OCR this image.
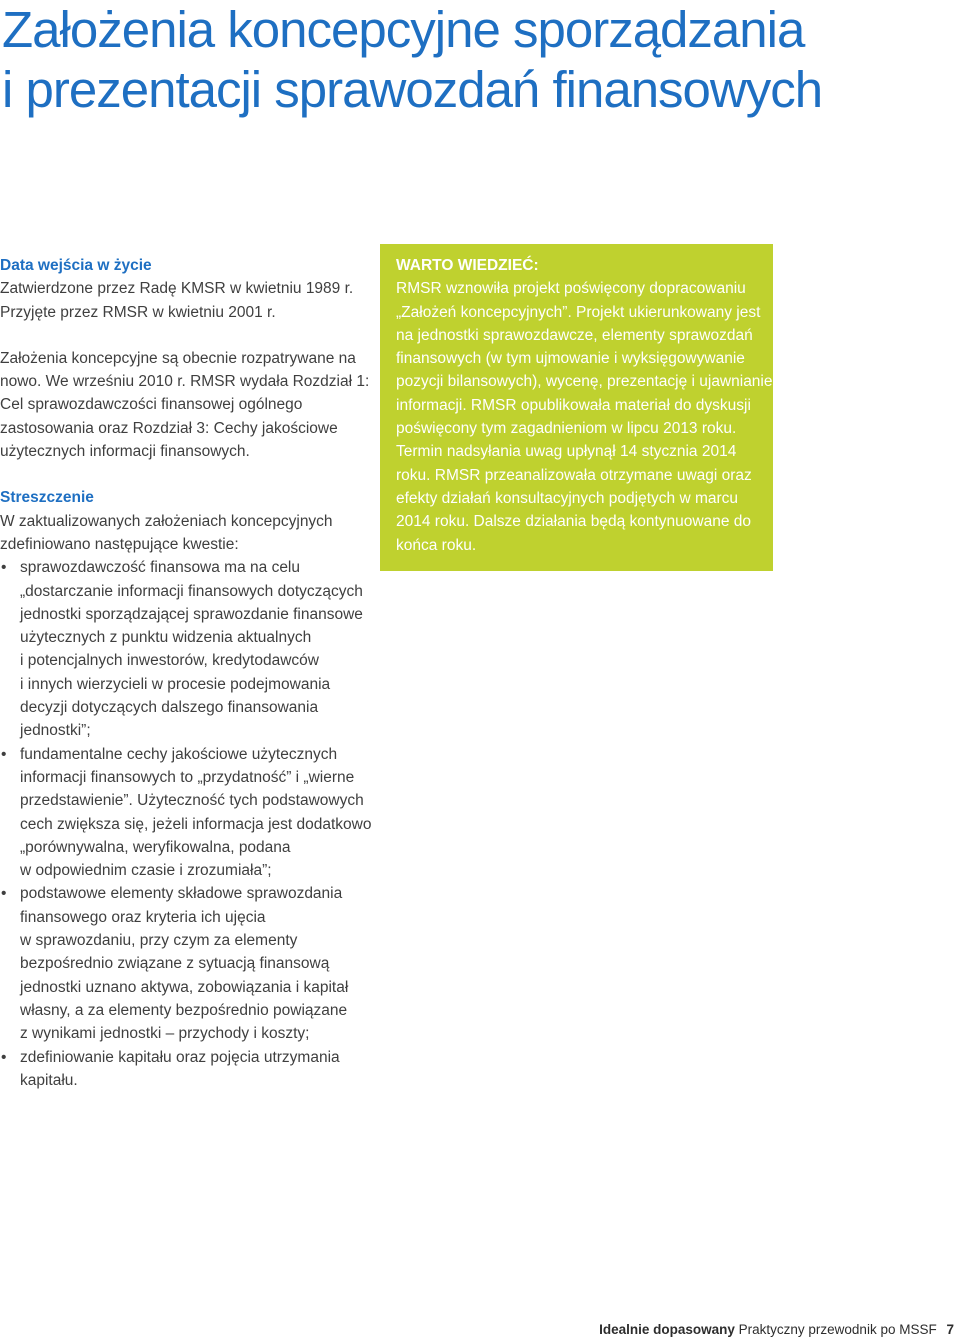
Założenia koncepcyjne sporządzania
i prezentacji sprawozdań finansowych
Data wejścia w życie
Zatwierdzone przez Radę KMSR w kwietniu 1989 r.
Przyjęte przez RMSR w kwietniu 2001 r.
Założenia koncepcyjne są obecnie rozpatrywane na
nowo. We wrześniu 2010 r. RMSR wydała Rozdział 1:
Cel sprawozdawczości finansowej ogólnego
zastosowania oraz Rozdział 3: Cechy jakościowe
użytecznych informacji finansowych.
Streszczenie
W zaktualizowanych założeniach koncepcyjnych
zdefiniowano następujące kwestie:
• sprawozdawczość finansowa ma na celu
„dostarczanie informacji finansowych dotyczących
jednostki sporządzającej sprawozdanie finansowe
użytecznych z punktu widzenia aktualnych
i potencjalnych inwestorów, kredytodawców
i innych wierzycieli w procesie podejmowania
decyzji dotyczących dalszego finansowania
jednostki”;
• fundamentalne cechy jakościowe użytecznych
informacji finansowych to „przydatność” i „wierne
przedstawienie”. Użyteczność tych podstawowych
cech zwiększa się, jeżeli informacja jest dodatkowo
„porównywalna, weryfikowalna, podana
w odpowiednim czasie i zrozumiała”;
• podstawowe elementy składowe sprawozdania
finansowego oraz kryteria ich ujęcia
w sprawozdaniu, przy czym za elementy
bezpośrednio związane z sytuacją finansową
jednostki uznano aktywa, zobowiązania i kapitał
własny, a za elementy bezpośrednio powiązane
z wynikami jednostki – przychody i koszty;
• zdefiniowanie kapitału oraz pojęcia utrzymania
kapitału.
WARTO WIEDZIEĆ:
RMSR wznowiła projekt poświęcony dopracowaniu
„Założeń koncepcyjnych”. Projekt ukierunkowany jest
na jednostki sprawozdawcze, elementy sprawozdań
finansowych (w tym ujmowanie i wyksięgowywanie
pozycji bilansowych), wycenę, prezentację i ujawnianie
informacji. RMSR opublikowała materiał do dyskusji
poświęcony tym zagadnieniom w lipcu 2013 roku.
Termin nadsyłania uwag upłynął 14 stycznia 2014
roku. RMSR przeanalizowała otrzymane uwagi oraz
efekty działań konsultacyjnych podjętych w marcu
2014 roku. Dalsze działania będą kontynuowane do
końca roku.
Idealnie dopasowany Praktyczny przewodnik po MSSF 7
